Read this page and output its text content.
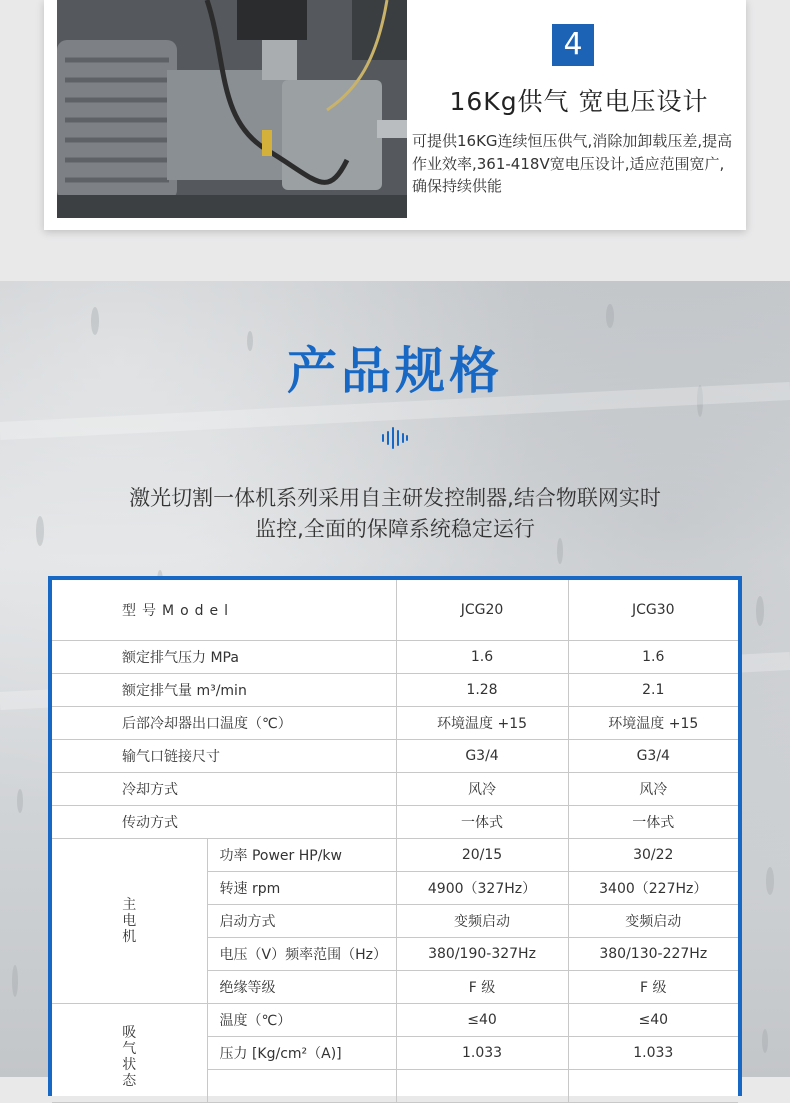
4
16Kg供气 宽电压设计
可提供16KG连续恒压供气,消除加卸载压差,提高作业效率,361-418V宽电压设计,适应范围宽广,确保持续供能
产品规格
激光切割一体机系列采用自主研发控制器,结合物联网实时
监控,全面的保障系统稳定运行
型号Model		JCG20	JCG30
额定排气压力 MPa		1.6	1.6
额定排气量 m³/min		1.28	2.1
后部冷却器出口温度（℃）		环境温度 +15	环境温度 +15
输气口链接尺寸		G3/4	G3/4
冷却方式		风冷	风冷
传动方式		一体式	一体式
主电机	功率 Power HP/kw	20/15	30/22
	转速 rpm	4900（327Hz）	3400（227Hz）
	启动方式	变频启动	变频启动
	电压（V）频率范围（Hz）	380/190-327Hz	380/130-227Hz
	绝缘等级	F 级	F 级
吸气状态	温度（℃）	≤40	≤40
	压力 [Kg/cm²（A)]	1.033	1.033
